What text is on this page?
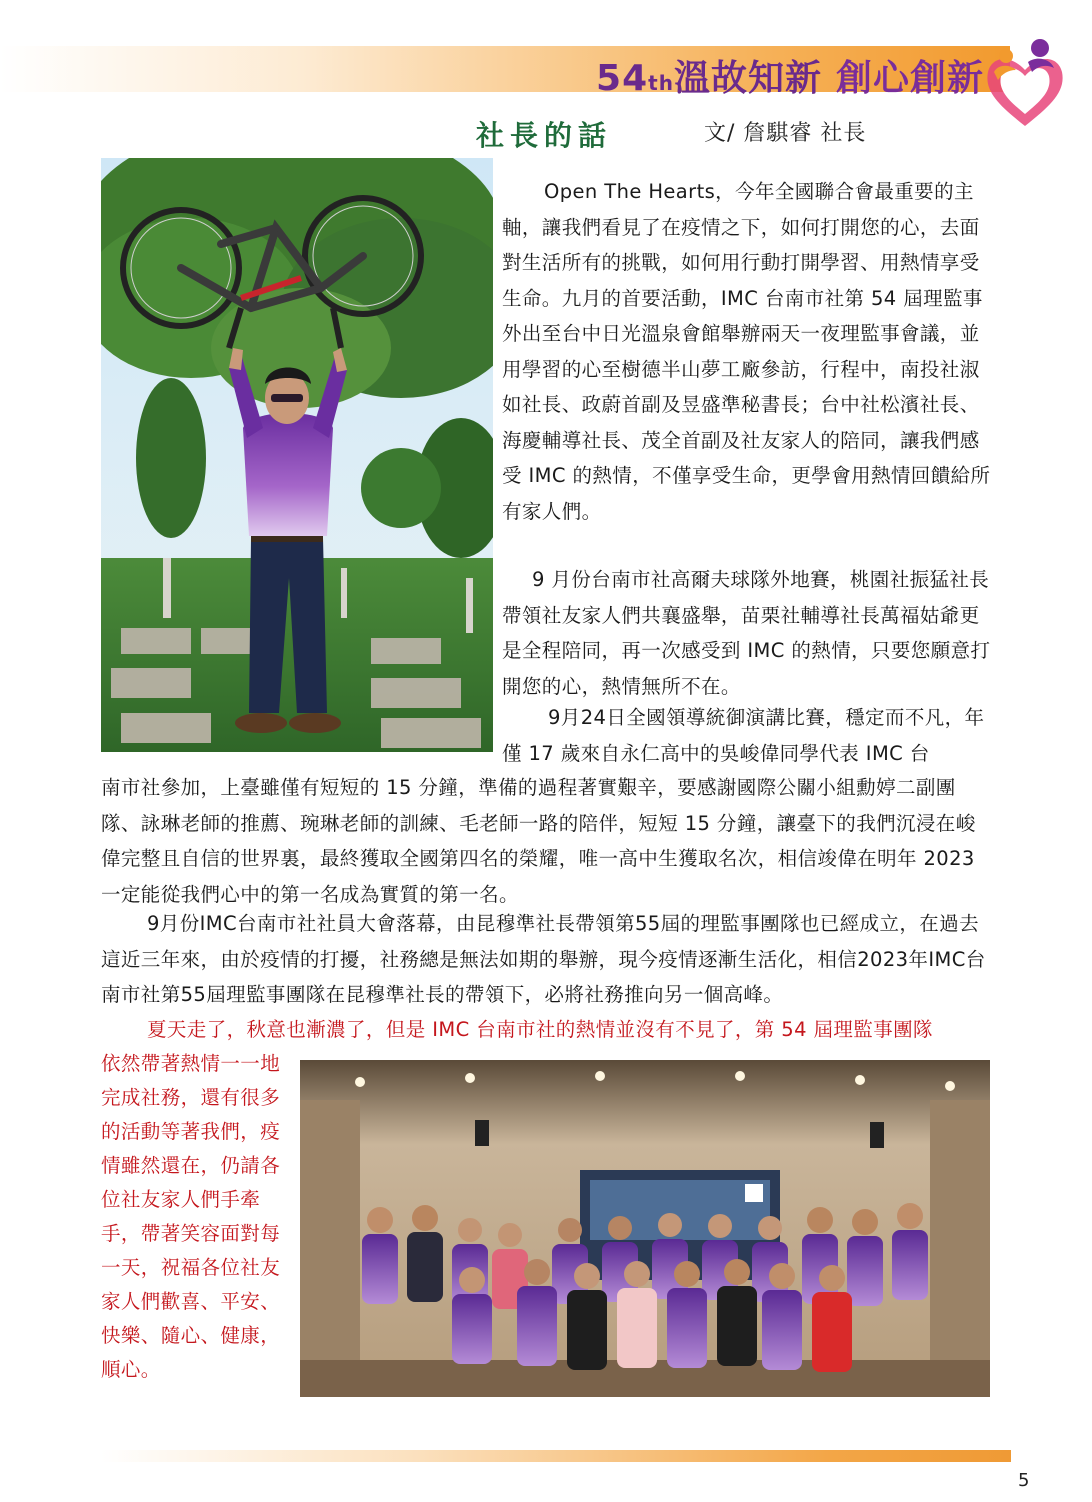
54th溫故知新 創心創新
社長的話	文/ 詹騏睿 社長

Open The Hearts，今年全國聯合會最重要的主軸，讓我們看見了在疫情之下，如何打開您的心，去面對生活所有的挑戰，如何用行動打開學習、用熱情享受生命。九月的首要活動，IMC 台南市社第 54 屆理監事外出至台中日光溫泉會館舉辦兩天一夜理監事會議，並用學習的心至樹德半山夢工廠參訪，行程中，南投社淑如社長、政蔚首副及昱盛準秘書長；台中社松濱社長、海慶輔導社長、茂全首副及社友家人的陪同，讓我們感受 IMC 的熱情，不僅享受生命，更學會用熱情回饋給所有家人們。

9 月份台南市社高爾夫球隊外地賽，桃園社振猛社長帶領社友家人們共襄盛舉，苗栗社輔導社長萬福姑爺更是全程陪同，再一次感受到 IMC 的熱情，只要您願意打開您的心，熱情無所不在。

9月24日全國領導統御演講比賽，穩定而不凡，年僅 17 歲來自永仁高中的吳峻偉同學代表 IMC 台

南市社參加，上臺雖僅有短短的 15 分鐘，準備的過程著實艱辛，要感謝國際公關小組勳婷二副團隊、詠琳老師的推薦、琬琳老師的訓練、毛老師一路的陪伴，短短 15 分鐘，讓臺下的我們沉浸在峻偉完整且自信的世界裏，最終獲取全國第四名的榮耀，唯一高中生獲取名次，相信竣偉在明年 2023 一定能從我們心中的第一名成為實質的第一名。

9月份IMC台南市社社員大會落幕，由昆穆準社長帶領第55屆的理監事團隊也已經成立，在過去這近三年來，由於疫情的打擾，社務總是無法如期的舉辦，現今疫情逐漸生活化，相信2023年IMC台南市社第55屆理監事團隊在昆穆準社長的帶領下，必將社務推向另一個高峰。

夏天走了，秋意也漸濃了，但是 IMC 台南市社的熱情並沒有不見了，第 54 屆理監事團隊

依然帶著熱情一一地完成社務，還有很多的活動等著我們，疫情雖然還在，仍請各位社友家人們手牽手，帶著笑容面對每一天，祝福各位社友家人們歡喜、平安、快樂、隨心、健康，順心。

5
